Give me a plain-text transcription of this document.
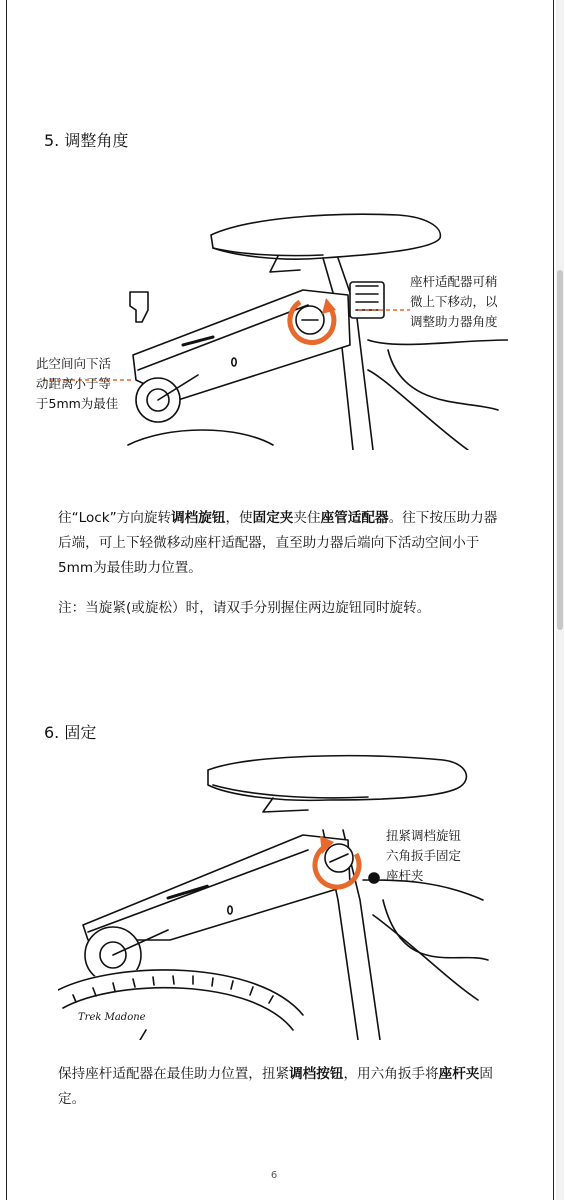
5. 调整角度
此空间向下活
动距离小于等
于5mm为最佳
座杆适配器可稍
微上下移动，以
调整助力器角度

往“Lock”方向旋转调档旋钮，使固定夹夹住座管适配器。往下按压助力器后端，可上下轻微移动座杆适配器，直至助力器后端向下活动空间小于5mm为最佳助力位置。

注：当旋紧(或旋松）时，请双手分别握住两边旋钮同时旋转。

6. 固定
Trek Madone
扭紧调档旋钮
六角扳手固定
座杆夹

保持座杆适配器在最佳助力位置，扭紧调档按钮，用六角扳手将座杆夹固定。

6
